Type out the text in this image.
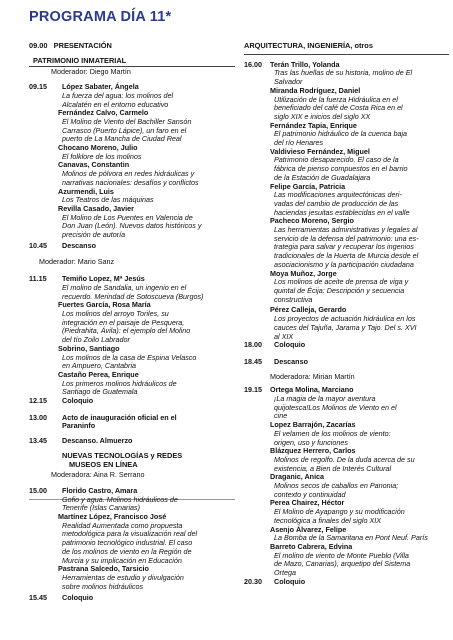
PROGRAMA DÍA 11*
09.00 PRESENTACIÓN
PATRIMONIO INMATERIAL
Moderador: Diego Martín
09.15 López Sabater, Ángela
La fuerza del agua: los molinos del
Alcalatén en el entorno educativo
Fernández Calvo, Carmelo
El Molino de Viento del Bachiller Sansón
Carrasco (Puerto Lápice), un faro en el
puerto de La Mancha de Ciudad Real
Chocano Moreno, Julio
El folklore de los molinos
Canavas, Constantin
Molinos de pólvora en redes hidráulicas y
narrativas nacionales: desafíos y conflictos
Azurmendi, Luis
Los Teatros de las máquinas
Revilla Casado, Javier
El Molino de Los Puentes en Valencia de
Don Juan (León). Nuevos datos históricos y
precisión de autoría
10.45 Descanso
Moderador: Mario Sanz
11.15 Temiño Lopez, Mª Jesús
El molino de Sandalia, un ingenio en el
recuerdo. Merindad de Sotoscueva (Burgos)
Fuertes García, Rosa María
Los molinos del arroyo Toriles, su
integración en el paisaje de Pesquera,
(Piedrahita, Ávila): el ejemplo del Molino
del tío Zoilo Labrador
Sobrino, Santiago
Los molinos de la casa de Espina Velasco
en Ampuero, Cantabria
Castaño Perea, Enrique
Los primeros molinos hidráulicos de
Santiago de Guatemala
12.15 Coloquio
13.00 Acto de inauguración oficial en el
Paraninfo
13.45 Descanso. Almuerzo
NUEVAS TECNOLOGÍAS y REDES
MUSEOS EN LÍNEA
Moderadora: Aina R. Serrano
15.00 Florido Castro, Amara
Gofio y agua. Molinos hidráulicos de
Tenerife (Islas Canarias)
Martínez López, Francisco José
Realidad Aumentada como propuesta
metodológica para la visualización real del
patrimonio tecnológico industrial. El caso
de los molinos de viento en la Región de
Murcia y su implicación en Educación
Pastrana Salcedo, Tarsicio
Herramientas de estudio y divulgación
sobre molinos hidráulicos
15.45 Coloquio
ARQUITECTURA, INGENIERÍA, otros
16.00 Terán Trillo, Yolanda
Tras las huellas de su historia, molino de El
Salvador
Miranda Rodríguez, Daniel
Utilización de la fuerza Hidráulica en el
beneficiado del café de Costa Rica en el
siglo XIX e inicios del siglo XX
Fernández Tapia, Enrique
El patrimonio hidráulico de la cuenca baja
del río Henares
Valdivieso Fernández, Miguel
Patrimonio desaparecido. El caso de la
fábrica de pienso compuestos en el barrio
de la Estación de Guadalajara
Felipe García, Patricia
Las modificaciones arquitectónicas deri-
vadas del cambio de producción de las
haciendas jesuitas establecidas en el valle
Pacheco Moreno, Sergio
Las herramientas administrativas y legales al
servicio de la defensa del patrimonio: una es-
trategia para salvar y recuperar los ingenios
tradicionales de la Huerta de Murcia desde el
asociacionismo y la participación ciudadana
Moya Muñoz, Jorge
Los molinos de aceite de prensa de viga y
quintal de Écija: Descripción y secuencia
constructiva
Pérez Calleja, Gerardo
Los proyectos de actuación hidráulica en los
cauces del Tajuña, Jarama y Tajo. Del s. XVI
al XIX
18.00 Coloquio
18.45 Descanso
Moderadora: Mirian Martín
19.15 Ortega Molina, Marciano
¡La magia de la mayor aventura
quijotesca!Los Molinos de Viento en el
cine
Lopez Barrajón, Zacarías
El velamen de los molinos de viento:
origen, uso y funciones
Blázquez Herrero, Carlos
Molinos de regolfo. De la duda acerca de su
existencia, a Bien de Interés Cultural
Draganic, Anica
Molinos secos de caballos en Panonia;
contexto y continuidad
Perea Chairez, Héctor
El Molino de Ayapango y su modificación
tecnológica a finales del siglo XIX
Asenjo Álvarez, Felipe
La Bomba de la Samaritana en Pont Neuf. París
Barreto Cabrera, Edvina
El molino de viento de Monte Pueblo (Villa
de Mazo, Canarias), arquetipo del Sistema
Ortega
20.30 Coloquio
